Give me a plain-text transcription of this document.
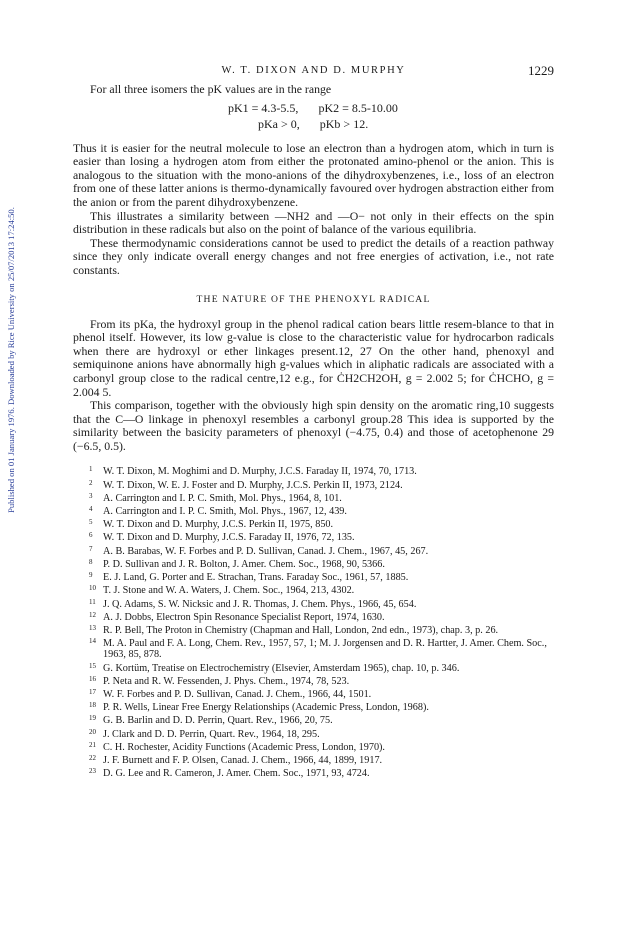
Published on 01 January 1976. Downloaded by Rice University on 25/07/2013 17:24:50.
W. T. DIXON AND D. MURPHY	1229

For all three isomers the pK values are in the range

pK1 = 4.3-5.5, pK2 = 8.5-10.00
pKa > 0, pKb > 12.

Thus it is easier for the neutral molecule to lose an electron than a hydrogen atom, which in turn is easier than losing a hydrogen atom from either the protonated amino-phenol or the anion. This is analogous to the situation with the mono-anions of the dihydroxybenzenes, i.e., loss of an electron from one of these latter anions is thermo-dynamically favoured over hydrogen abstraction either from the anion or from the parent dihydroxybenzene.

This illustrates a similarity between —NH2 and —O− not only in their effects on the spin distribution in these radicals but also on the point of balance of the various equilibria.

These thermodynamic considerations cannot be used to predict the details of a reaction pathway since they only indicate overall energy changes and not free energies of activation, i.e., not rate constants.

THE NATURE OF THE PHENOXYL RADICAL

From its pKa, the hydroxyl group in the phenol radical cation bears little resem-blance to that in phenol itself. However, its low g-value is close to the characteristic value for hydrocarbon radicals when there are hydroxyl or ether linkages present.12, 27 On the other hand, phenoxyl and semiquinone anions have abnormally high g-values which in aliphatic radicals are associated with a carbonyl group close to the radical centre,12 e.g., for ĊH2CH2OH, g = 2.002 5; for ĊHCHO, g = 2.004 5.

This comparison, together with the obviously high spin density on the aromatic ring,10 suggests that the C—O linkage in phenoxyl resembles a carbonyl group.28 This idea is supported by the similarity between the basicity parameters of phenoxyl (−4.75, 0.4) and those of acetophenone 29 (−6.5, 0.5).

1 W. T. Dixon, M. Moghimi and D. Murphy, J.C.S. Faraday II, 1974, 70, 1713.
2 W. T. Dixon, W. E. J. Foster and D. Murphy, J.C.S. Perkin II, 1973, 2124.
3 A. Carrington and I. P. C. Smith, Mol. Phys., 1964, 8, 101.
4 A. Carrington and I. P. C. Smith, Mol. Phys., 1967, 12, 439.
5 W. T. Dixon and D. Murphy, J.C.S. Perkin II, 1975, 850.
6 W. T. Dixon and D. Murphy, J.C.S. Faraday II, 1976, 72, 135.
7 A. B. Barabas, W. F. Forbes and P. D. Sullivan, Canad. J. Chem., 1967, 45, 267.
8 P. D. Sullivan and J. R. Bolton, J. Amer. Chem. Soc., 1968, 90, 5366.
9 E. J. Land, G. Porter and E. Strachan, Trans. Faraday Soc., 1961, 57, 1885.
10 T. J. Stone and W. A. Waters, J. Chem. Soc., 1964, 213, 4302.
11 J. Q. Adams, S. W. Nicksic and J. R. Thomas, J. Chem. Phys., 1966, 45, 654.
12 A. J. Dobbs, Electron Spin Resonance Specialist Report, 1974, 1630.
13 R. P. Bell, The Proton in Chemistry (Chapman and Hall, London, 2nd edn., 1973), chap. 3, p. 26.
14 M. A. Paul and F. A. Long, Chem. Rev., 1957, 57, 1; M. J. Jorgensen and D. R. Hartter, J. Amer. Chem. Soc., 1963, 85, 878.
15 G. Kortüm, Treatise on Electrochemistry (Elsevier, Amsterdam 1965), chap. 10, p. 346.
16 P. Neta and R. W. Fessenden, J. Phys. Chem., 1974, 78, 523.
17 W. F. Forbes and P. D. Sullivan, Canad. J. Chem., 1966, 44, 1501.
18 P. R. Wells, Linear Free Energy Relationships (Academic Press, London, 1968).
19 G. B. Barlin and D. D. Perrin, Quart. Rev., 1966, 20, 75.
20 J. Clark and D. D. Perrin, Quart. Rev., 1964, 18, 295.
21 C. H. Rochester, Acidity Functions (Academic Press, London, 1970).
22 J. F. Burnett and F. P. Olsen, Canad. J. Chem., 1966, 44, 1899, 1917.
23 D. G. Lee and R. Cameron, J. Amer. Chem. Soc., 1971, 93, 4724.
